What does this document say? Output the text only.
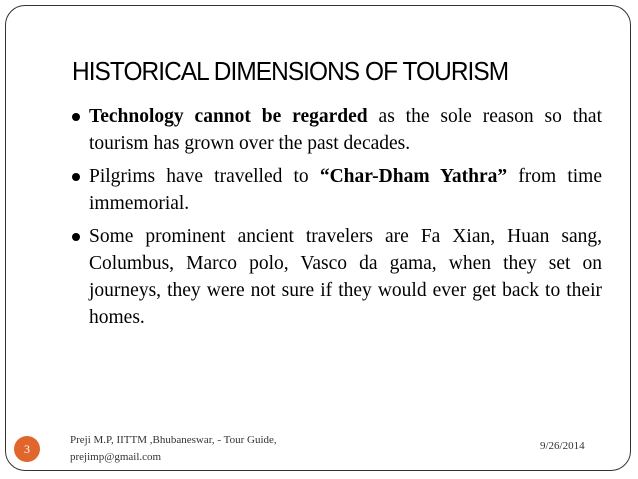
HISTORICAL DIMENSIONS OF TOURISM
Technology cannot be regarded as the sole reason so that tourism has grown over the past decades.
Pilgrims have travelled to “Char-Dham Yathra” from time immemorial.
Some prominent ancient travelers are Fa Xian, Huan sang, Columbus, Marco polo, Vasco da gama, when they set on journeys, they were not sure if they would ever get back to their homes.
3
Preji M.P, IITTM ,Bhubaneswar, - Tour Guide,
prejimp@gmail.com
9/26/2014
